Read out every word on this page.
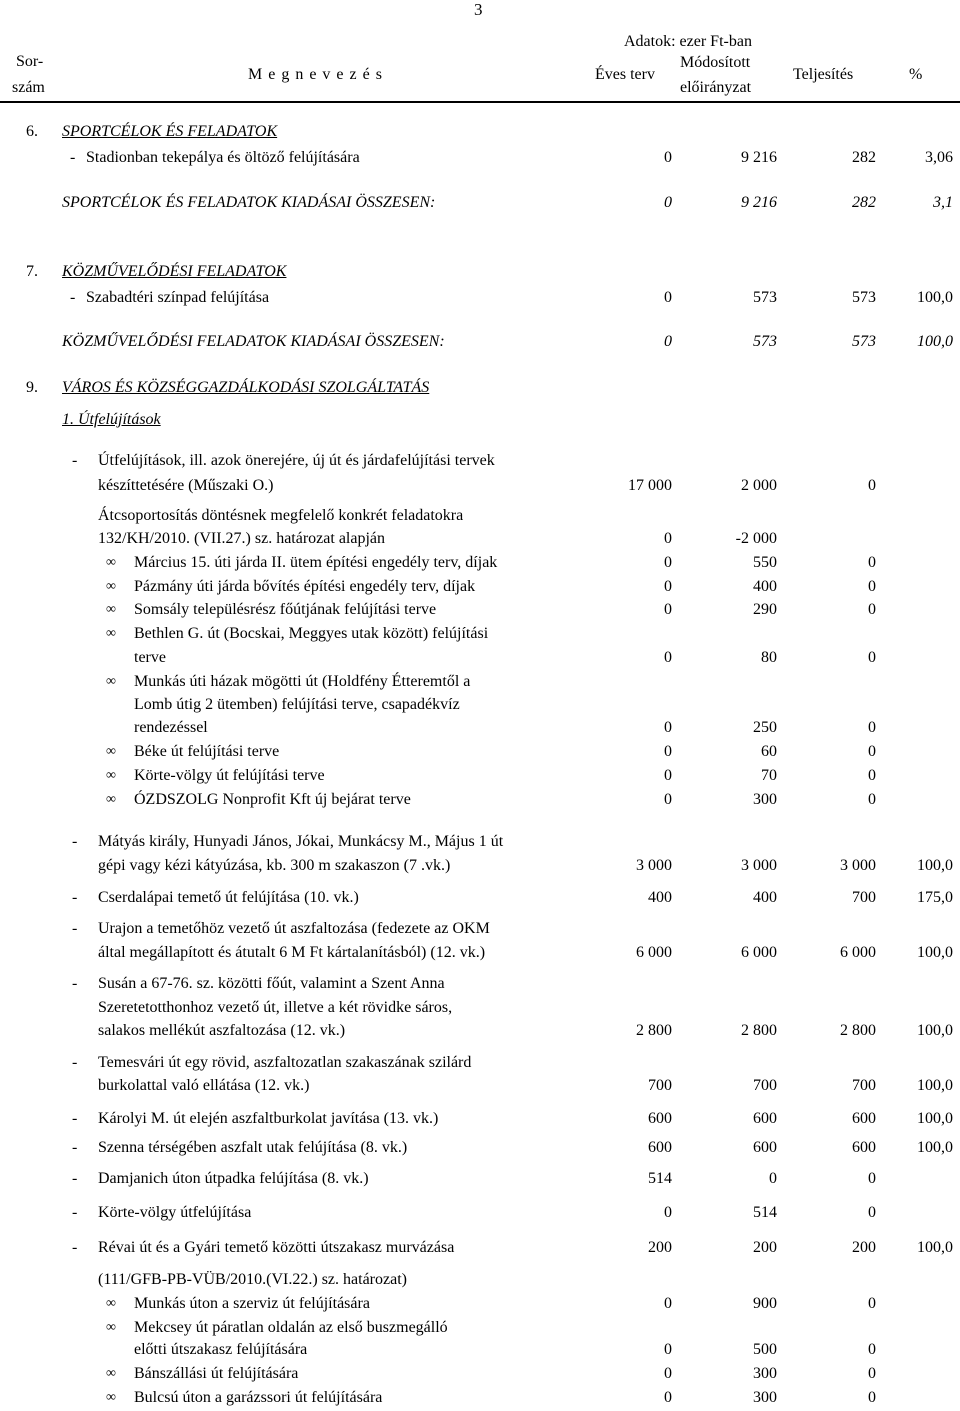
3
Adatok: ezer Ft-ban
Sor-
szám
M e g n e v e z é s	Éves terv
Módosított
előirányzat
Teljesítés	%
6. SPORTCÉLOK ÉS FELADATOK
- Stadionban tekepálya és öltöző felújítására	0	9 216	282	3,06
SPORTCÉLOK ÉS FELADATOK KIADÁSAI ÖSSZESEN:	0	9 216	282	3,1
7. KÖZMŰVELŐDÉSI FELADATOK
- Szabadtéri színpad felújítása	0	573	573	100,0
KÖZMŰVELŐDÉSI FELADATOK KIADÁSAI ÖSSZESEN:	0	573	573	100,0
9. VÁROS ÉS KÖZSÉGGAZDÁLKODÁSI SZOLGÁLTATÁS
1. Útfelújítások
- Útfelújítások, ill. azok önerejére, új út és járdafelújítási tervek
készíttetésére (Műszaki O.)	17 000	2 000	0
Átcsoportosítás döntésnek megfelelő konkrét feladatokra
132/KH/2010. (VII.27.) sz. határozat alapján	0	-2 000
∞ Március 15. úti járda II. ütem építési engedély terv, díjak	0	550	0
∞ Pázmány úti járda bővítés építési engedély terv, díjak	0	400	0
∞ Somsály településrész főútjának felújítási terve	0	290	0
∞ Bethlen G. út (Bocskai, Meggyes utak között) felújítási
terve	0	80	0
∞ Munkás úti házak mögötti út (Holdfény Étteremtől a
Lomb útig 2 ütemben) felújítási terve, csapadékvíz
rendezéssel	0	250	0
∞ Béke út felújítási terve	0	60	0
∞ Körte-völgy út felújítási terve	0	70	0
∞ ÓZDSZOLG Nonprofit Kft új bejárat terve	0	300	0
- Mátyás király, Hunyadi János, Jókai, Munkácsy M., Május 1 út
gépi vagy kézi kátyúzása, kb. 300 m szakaszon (7 .vk.)	3 000	3 000	3 000	100,0
- Cserdalápai temető út felújítása (10. vk.)	400	400	700	175,0
- Urajon a temetőhöz vezető út aszfaltozása (fedezete az OKM
által megállapított és átutalt 6 M Ft kártalanításból) (12. vk.)	6 000	6 000	6 000	100,0
- Susán a 67-76. sz. közötti főút, valamint a Szent Anna
Szeretetotthonhoz vezető út, illetve a két rövidke sáros,
salakos mellékút aszfaltozása (12. vk.)	2 800	2 800	2 800	100,0
- Temesvári út egy rövid, aszfaltozatlan szakaszának szilárd
burkolattal való ellátása (12. vk.)	700	700	700	100,0
- Károlyi M. út elején aszfaltburkolat javítása (13. vk.)	600	600	600	100,0
- Szenna térségében aszfalt utak felújítása (8. vk.)	600	600	600	100,0
- Damjanich úton útpadka felújítása (8. vk.)	514	0	0
- Körte-völgy útfelújítása	0	514	0
- Révai út és a Gyári temető közötti útszakasz murvázása	200	200	200	100,0
(111/GFB-PB-VÜB/2010.(VI.22.) sz. határozat)
∞ Munkás úton a szerviz út felújítására	0	900	0
∞ Mekcsey út páratlan oldalán az első buszmegálló
előtti útszakasz felújítására	0	500	0
∞ Bánszállási út felújítására	0	300	0
∞ Bulcsú úton a garázssori út felújítására	0	300	0
